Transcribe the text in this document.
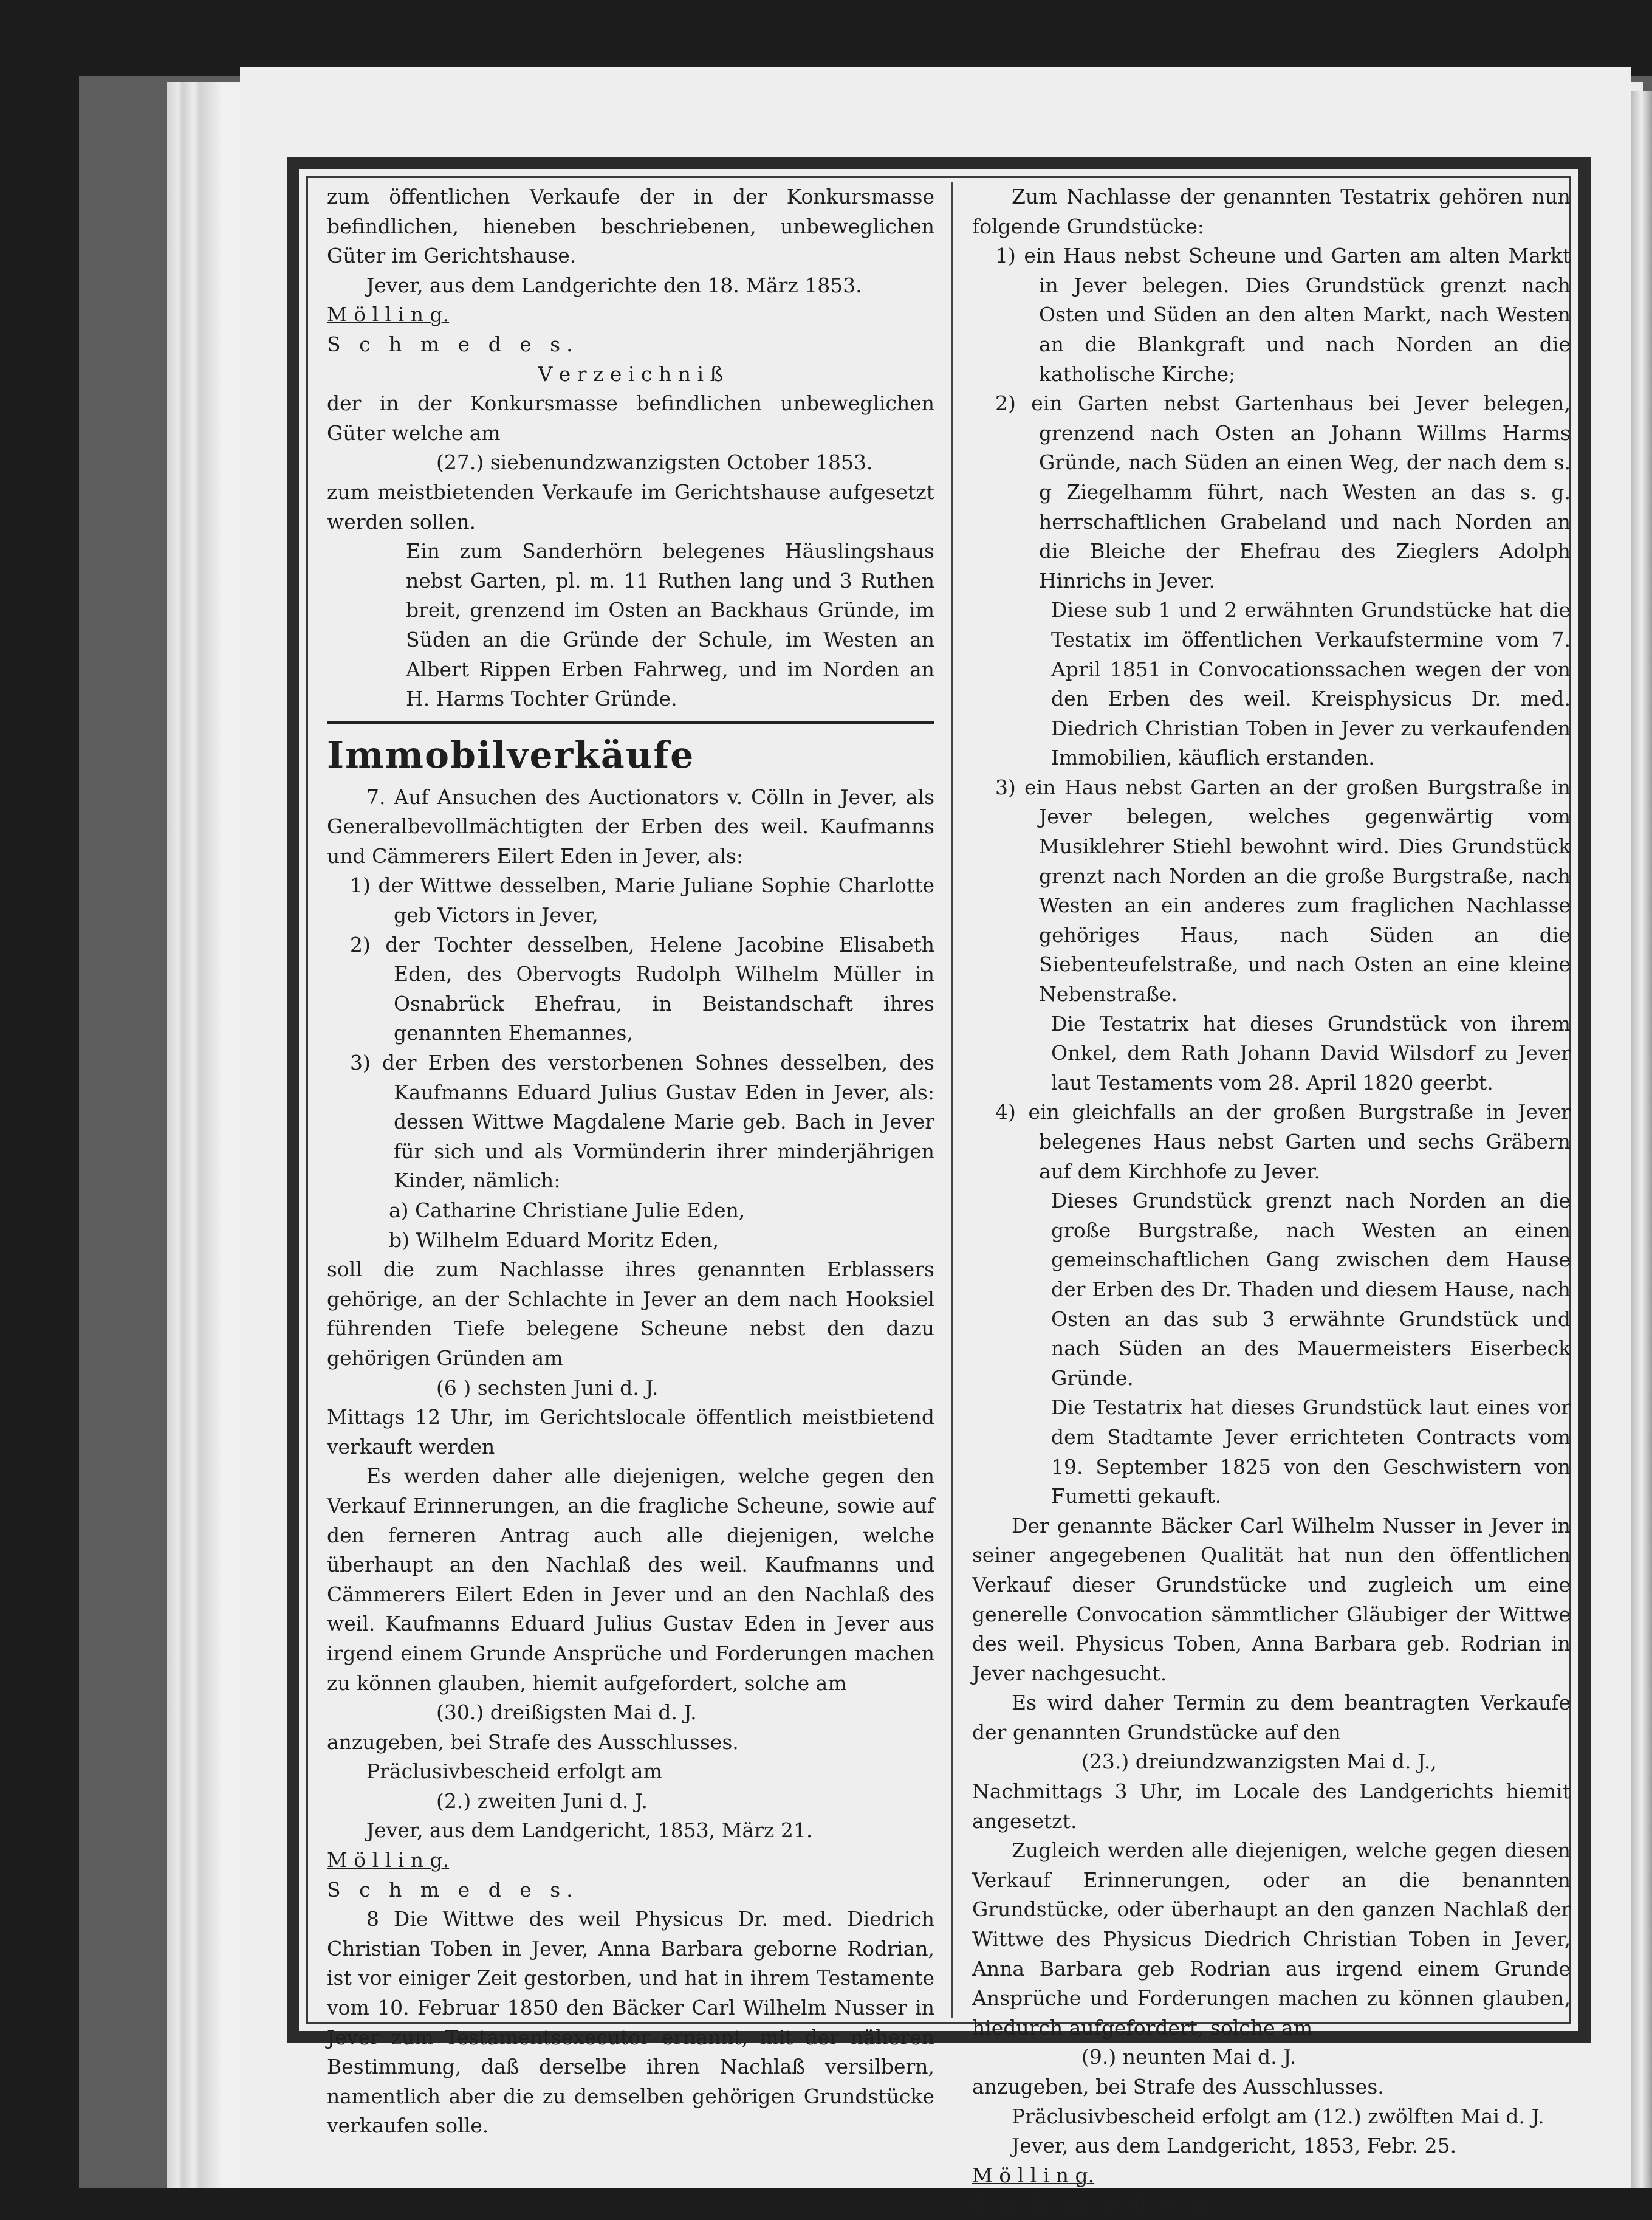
zum öffentlichen Verkaufe der in der Konkursmasse befindlichen, hieneben beschriebenen, unbeweglichen Güter im Gerichtshause.

Jever, aus dem Landgerichte den 18. März 1853.

M ö l l i n g.

S c h m e d e s.

V e r z e i c h n i ß

der in der Konkursmasse befindlichen unbeweglichen Güter welche am

(27.) siebenundzwanzigsten October 1853.

zum meistbietenden Verkaufe im Gerichtshause aufgesetzt werden sollen.

Ein zum Sanderhörn belegenes Häuslingshaus nebst Garten, pl. m. 11 Ruthen lang und 3 Ruthen breit, grenzend im Osten an Backhaus Gründe, im Süden an die Gründe der Schule, im Westen an Albert Rippen Erben Fahrweg, und im Norden an H. Harms Tochter Gründe.

Immobilverkäufe

7. Auf Ansuchen des Auctionators v. Cölln in Jever, als Generalbevollmächtigten der Erben des weil. Kaufmanns und Cämmerers Eilert Eden in Jever, als:

1) der Wittwe desselben, Marie Juliane Sophie Charlotte geb Victors in Jever,

2) der Tochter desselben, Helene Jacobine Elisabeth Eden, des Obervogts Rudolph Wilhelm Müller in Osnabrück Ehefrau, in Beistandschaft ihres genannten Ehemannes,

3) der Erben des verstorbenen Sohnes desselben, des Kaufmanns Eduard Julius Gustav Eden in Jever, als: dessen Wittwe Magdalene Marie geb. Bach in Jever für sich und als Vormünderin ihrer minderjährigen Kinder, nämlich:

a) Catharine Christiane Julie Eden,

b) Wilhelm Eduard Moritz Eden,

soll die zum Nachlasse ihres genannten Erblassers gehörige, an der Schlachte in Jever an dem nach Hooksiel führenden Tiefe belegene Scheune nebst den dazu gehörigen Gründen am

(6 ) sechsten Juni d. J.

Mittags 12 Uhr, im Gerichtslocale öffentlich meistbietend verkauft werden

Es werden daher alle diejenigen, welche gegen den Verkauf Erinnerungen, an die fragliche Scheune, sowie auf den ferneren Antrag auch alle diejenigen, welche überhaupt an den Nachlaß des weil. Kaufmanns und Cämmerers Eilert Eden in Jever und an den Nachlaß des weil. Kaufmanns Eduard Julius Gustav Eden in Jever aus irgend einem Grunde Ansprüche und Forderungen machen zu können glauben, hiemit aufgefordert, solche am

(30.) dreißigsten Mai d. J.

anzugeben, bei Strafe des Ausschlusses.

Präclusivbescheid erfolgt am

(2.) zweiten Juni d. J.

Jever, aus dem Landgericht, 1853, März 21.

M ö l l i n g.

S c h m e d e s.

8 Die Wittwe des weil Physicus Dr. med. Diedrich Christian Toben in Jever, Anna Barbara geborne Rodrian, ist vor einiger Zeit gestorben, und hat in ihrem Testamente vom 10. Februar 1850 den Bäcker Carl Wilhelm Nusser in Jever zum Testamentsexecutor ernannt, mit der näheren Bestimmung, daß derselbe ihren Nachlaß versilbern, namentlich aber die zu demselben gehörigen Grundstücke verkaufen solle.

Zum Nachlasse der genannten Testatrix gehören nun folgende Grundstücke:

1) ein Haus nebst Scheune und Garten am alten Markt in Jever belegen. Dies Grundstück grenzt nach Osten und Süden an den alten Markt, nach Westen an die Blankgraft und nach Norden an die katholische Kirche;

2) ein Garten nebst Gartenhaus bei Jever belegen, grenzend nach Osten an Johann Willms Harms Gründe, nach Süden an einen Weg, der nach dem s. g Ziegelhamm führt, nach Westen an das s. g. herrschaftlichen Grabeland und nach Norden an die Bleiche der Ehefrau des Zieglers Adolph Hinrichs in Jever.

Diese sub 1 und 2 erwähnten Grundstücke hat die Testatix im öffentlichen Verkaufstermine vom 7. April 1851 in Convocationssachen wegen der von den Erben des weil. Kreisphysicus Dr. med. Diedrich Christian Toben in Jever zu verkaufenden Immobilien, käuflich erstanden.

3) ein Haus nebst Garten an der großen Burgstraße in Jever belegen, welches gegenwärtig vom Musiklehrer Stiehl bewohnt wird. Dies Grundstück grenzt nach Norden an die große Burgstraße, nach Westen an ein anderes zum fraglichen Nachlasse gehöriges Haus, nach Süden an die Siebenteufelstraße, und nach Osten an eine kleine Nebenstraße.

Die Testatrix hat dieses Grundstück von ihrem Onkel, dem Rath Johann David Wilsdorf zu Jever laut Testaments vom 28. April 1820 geerbt.

4) ein gleichfalls an der großen Burgstraße in Jever belegenes Haus nebst Garten und sechs Gräbern auf dem Kirchhofe zu Jever.

Dieses Grundstück grenzt nach Norden an die große Burgstraße, nach Westen an einen gemeinschaftlichen Gang zwischen dem Hause der Erben des Dr. Thaden und diesem Hause, nach Osten an das sub 3 erwähnte Grundstück und nach Süden an des Mauermeisters Eiserbeck Gründe.

Die Testatrix hat dieses Grundstück laut eines vor dem Stadtamte Jever errichteten Contracts vom 19. September 1825 von den Geschwistern von Fumetti gekauft.

Der genannte Bäcker Carl Wilhelm Nusser in Jever in seiner angegebenen Qualität hat nun den öffentlichen Verkauf dieser Grundstücke und zugleich um eine generelle Convocation sämmtlicher Gläubiger der Wittwe des weil. Physicus Toben, Anna Barbara geb. Rodrian in Jever nachgesucht.

Es wird daher Termin zu dem beantragten Verkaufe der genannten Grundstücke auf den

(23.) dreiundzwanzigsten Mai d. J.,

Nachmittags 3 Uhr, im Locale des Landgerichts hiemit angesetzt.

Zugleich werden alle diejenigen, welche gegen diesen Verkauf Erinnerungen, oder an die benannten Grundstücke, oder überhaupt an den ganzen Nachlaß der Wittwe des Physicus Diedrich Christian Toben in Jever, Anna Barbara geb Rodrian aus irgend einem Grunde Ansprüche und Forderungen machen zu können glauben, hiedurch aufgefordert, solche am

(9.) neunten Mai d. J.

anzugeben, bei Strafe des Ausschlusses.

Präclusivbescheid erfolgt am (12.) zwölften Mai d. J.

Jever, aus dem Landgericht, 1853, Febr. 25.

M ö l l i n g.

S c h m e d e s.
